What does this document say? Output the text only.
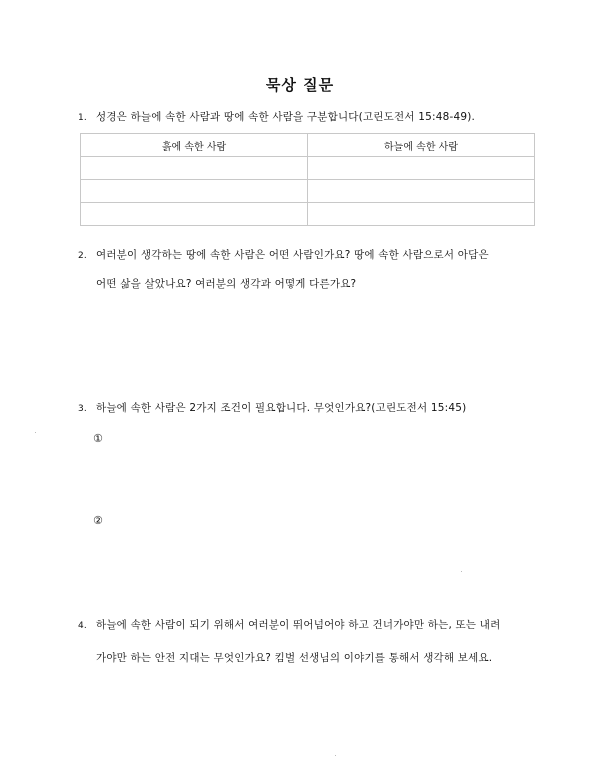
묵상 질문
1. 성경은 하늘에 속한 사람과 땅에 속한 사람을 구분합니다(고린도전서 15:48-49).
흙에 속한 사람	하늘에 속한 사람

2. 여러분이 생각하는 땅에 속한 사람은 어떤 사람인가요? 땅에 속한 사람으로서 아담은
어떤 삶을 살았나요? 여러분의 생각과 어떻게 다른가요?
3. 하늘에 속한 사람은 2가지 조건이 필요합니다. 무엇인가요?(고린도전서 15:45)
①
②
4. 하늘에 속한 사람이 되기 위해서 여러분이 뛰어넘어야 하고 건너가야만 하는, 또는 내려
가야만 하는 안전 지대는 무엇인가요? 킴벌 선생님의 이야기를 통해서 생각해 보세요.
